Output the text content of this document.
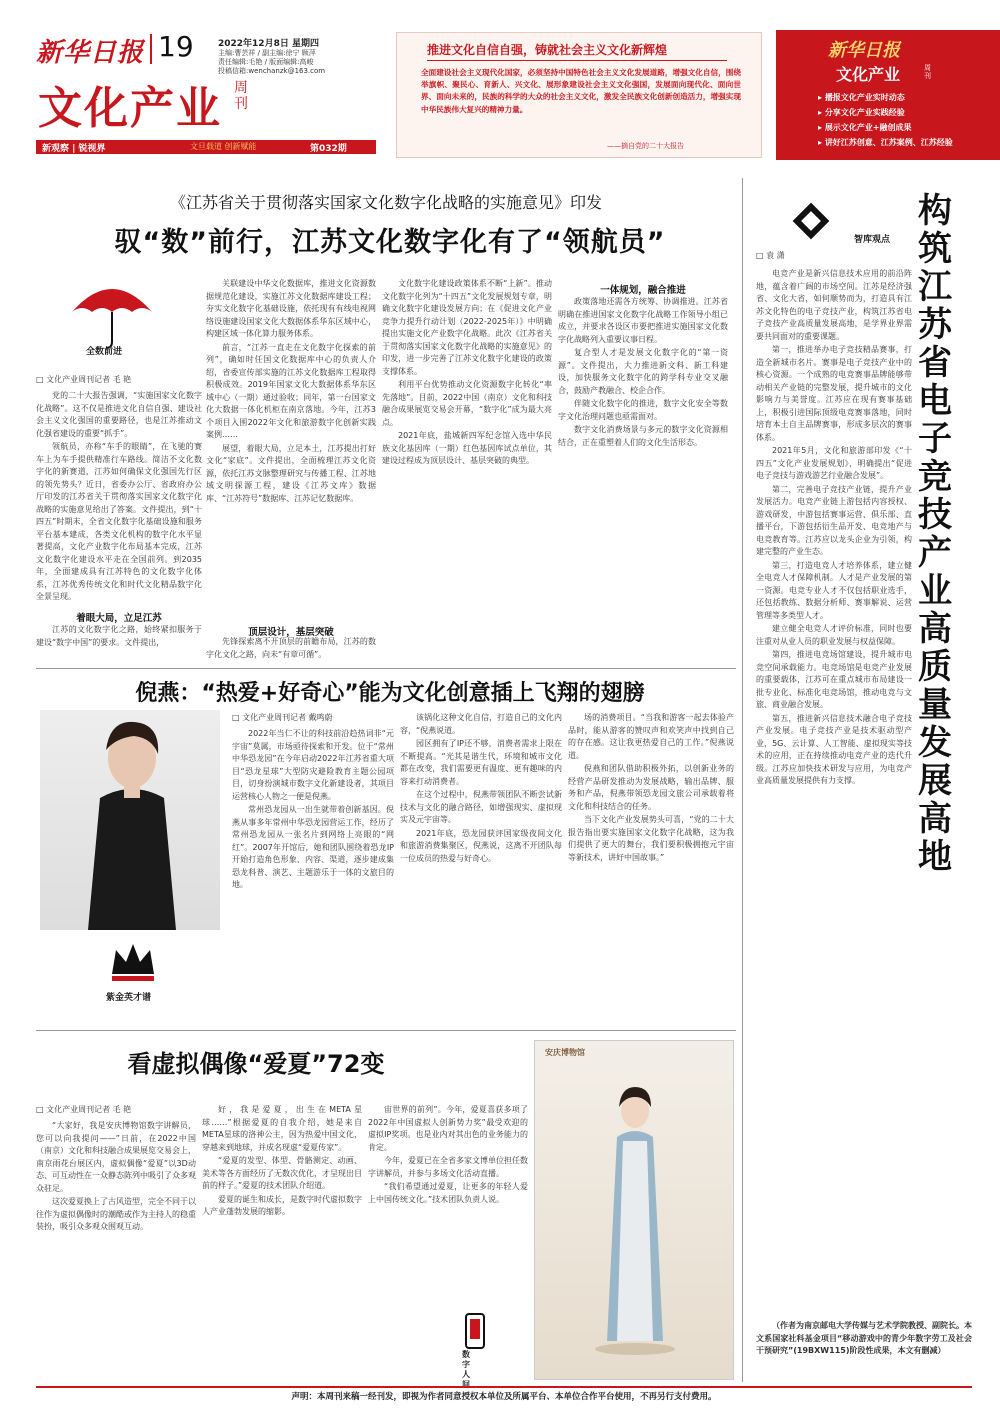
新华日报 19	2022年12月8日 星期四
主编:曹芸祥 / 副主编:徐宁 顾萍
责任编辑:毛艳 / 版面编辑:高峻
投稿信箱:wenchanzk@163.com
文化产业 周刊
新观察 | 锐视界	文旦载道 创新赋能	第032期
推进文化自信自强，铸就社会主义文化新辉煌
全面建设社会主义现代化国家，必须坚持中国特色社会主义文化发展道路，增强文化自信，围绕举旗帜、聚民心、育新人、兴文化、展形象建设社会主义文化强国，发展面向现代化、面向世界、面向未来的，民族的科学的大众的社会主义文化，激发全民族文化创新创造活力，增强实现中华民族伟大复兴的精神力量。
——摘自党的二十大报告
新华日报
文化产业	周刊
▸ 播报文化产业实时动态
▸ 分享文化产业实践经验
▸ 展示文化产业+融创成果
▸ 讲好江苏创意、江苏案例、江苏经验
《江苏省关于贯彻落实国家文化数字化战略的实施意见》印发
驭“数”前行，江苏文化数字化有了“领航员”
全数前进
□ 文化产业周刊记者 毛 艳

党的二十大报告强调，“实施国家文化数字化战略”。这不仅是推进文化自信自强、建设社会主义文化强国的重要路径，也是江苏推动文化强省建设的重要“抓手”。

领航员，亦称“车手的眼睛”，在飞驰的赛车上为车手提供精准行车路线。简洁不文化数字化的新赛道，江苏如何确保文化强国先行区的领先势头？近日，省委办公厅、省政府办公厅印发的江苏省关于贯彻落实国家文化数字化战略的实施意见给出了答案。文件提出，到“十四五”时期末，全省文化数字化基础设施和服务平台基本建成，各类文化机构的数字化水平显著提高，文化产业数字化布局基本完成，江苏文化数字化建设水平走在全国前列。到2035年，全面建成具有江苏特色的文化数字化体系，江苏优秀传统文化和时代文化精品数字化全景呈现。

着眼大局，立足江苏

江苏的文化数字化之路，始终紧扣服务于建设“数字中国”的要求。文件提出，

关联建设中华文化数据库，推进文化资源数据规范化建设，实施江苏文化数据库建设工程；夯实文化数字化基础设施，依托现有有线电视网络设施建设国家文化大数据体系华东区域中心，构建区域一体化算力服务体系。

前言，“江苏一直走在文化数字化探索的前列”，确如时任国文化数据库中心的负责人介绍，省委宣传部实施的江苏文化数据库工程取得积极成效。2019年国家文化大数据体系华东区域中心（一期）通过验收；同年，第一台国家文化大数据一体化机柜在南京落地。今年，江苏3个项目入围2022年文化和旅游数字化创新实践案例……

展望，着眼大局，立足本土，江苏提出打好文化“家底”。文件提出，全面梳理江苏文化资源，依托江苏文脉整理研究与传播工程、江苏地域文明探源工程，建设《江苏文库》数据库、“江苏符号”数据库、江苏记忆数据库。

顶层设计，基层突破

先锋探索离不开顶层的前瞻布局，江苏的数字化文化之路，向未“有章可循”。

文化数字化建设政策体系不断“上新”。推动文化数字化列为“十四五”文化发展规划专章，明确文化数字化建设发展方向；在《促进文化产业竞争力提升行动计划（2022-2025年）》中明确提出实施文化产业数字化战略。此次《江苏省关于贯彻落实国家文化数字化战略的实施意见》的印发，进一步完善了江苏文化数字化建设的政策支撑体系。

利用平台优势推动文化资源数字化转化“率先落地”。目前，2022中国（南京）文化和科技融合成果展览交易会开幕，“数字化”成为最大亮点。

2021年底，盐城新四军纪念馆入选中华民族文化基因库（一期）红色基因库试点单位，其建设过程成为顶层设计、基层突破的典型。

一体规划，融合推进

政策落地还需各方统筹、协调推进。江苏省明确在推进国家文化数字化战略工作领导小组已成立，并要求各设区市要把推进实施国家文化数字化战略列入重要议事日程。

复合型人才是发展文化数字化的“第一资源”。文件提出，大力推进新文科、新工科建设，加快服务文化数字化的跨学科专业交叉融合，鼓励产教融合、校企合作。

伴随文化数字化的推进，数字文化安全等数字文化治理问题也亟需面对。

数字文化消费场景与多元的数字文化资源相结合，正在重塑着人们的文化生活形态。

倪燕：“热爱+好奇心”能为文化创意插上飞翔的翅膀
紫金英才谱
□ 文化产业周刊记者 戴鸣蔚

2022年当仁不让的科技前沿趋热词非“元宇宙”莫属，市场亟待探索和开发。位于“常州中华恐龙园”在今年启动2022年江苏省重大项目“恐龙星球”大型防灾避险教育主题公园项目，切身扮演城市数字文化新建设者，其项目运营核心人物之一便是倪燕。

常州恐龙园从一出生就带着创新基因。倪燕从事多年常州中华恐龙园营运工作，经历了常州恐龙园从一张名片到网络上亮眼的“网红”。2007年开馆后，她和团队围绕着恐龙IP开始打造角色形象、内容、渠道，逐步建成集恐龙科普、演艺、主题游乐于一体的文旅目的地。

该锅化这种文化自信，打造自己的文化内容，“倪燕说道。

园区拥有了IP还不够，消费者需求上限在不断提高。“光其是谐生代，环境和城市文化都在改变，我们需要更有温度、更有趣味的内容来打动消费者。

在这个过程中，倪燕带领团队不断尝试新技术与文化的融合路径，如增强现实、虚拟现实及元宇宙等。

2021年底，恐龙园获评国家级夜间文化和旅游消费集聚区，倪燕说，这离不开团队每一位成员的热爱与好奇心。

场的消费项目。“当我和游客一起去体验产品时，能从游客的赞叹声和欢笑声中找到自己的存在感。这让我更热爱自己的工作。”倪燕说道。

倪燕和团队借助积极外拓，以创新业务的经营产品研发推动为发展战略，输出品牌、服务和产品，倪燕带领恐龙园文旅公司承载着将文化和科技结合的任务。

当下文化产业发展势头可喜，“党的二十大报告指出要实施国家文化数字化战略，这为我们提供了更大的舞台，我们要积极拥抱元宇宙等新技术，讲好中国故事。”

看虚拟偶像“爱夏”72变
□ 文化产业周刊记者 毛 艳

“大家好，我是安庆博物馆数字讲解员，您可以向我提问——”日前，在2022中国（南京）文化和科技融合成果展览交易会上，南京雨花台展区内，虚拟偶像“爱夏”以3D动态、可互动性在一众静态陈列中吸引了众多观众驻足。

这次爱夏换上了古风造型，完全不同于以往作为虚拟偶像时的潮酷或作为主持人的稳重装扮，吸引众多观众围观互动。

好，我是爱夏，出生在META星球……”根据爱夏的自我介绍，她是来自META星球的洛神公主，因为热爱中国文化，穿越来到地球，并成名现虚“爱夏传家”。

“爱夏的发型、体型、骨骼测定、动画、美术等各方面经历了无数次优化，才呈现出目前的样子。”爱夏的技术团队介绍道。

爱夏的诞生和成长，是数字时代虚拟数字人产业蓬勃发展的缩影。

宙世界的前列”。今年，爱夏喜获多项了2022年中国虚拟人创新势力奖”最受欢迎的虚拟IP奖项。也是业内对其出色的业务能力的肯定。

今年，爱夏已在全省多家文博单位担任数字讲解员，并参与多场文化活动直播。

“我们希望通过爱夏，让更多的年轻人爱上中国传统文化。”技术团队负责人说。

安庆博物馆
数字人间
智库观点
构筑江苏省电子竞技产业高质量发展高地
□ 袁 潇

电竞产业是新兴信息技术应用的前沿阵地，蕴含着广阔的市场空间。江苏是经济强省、文化大省，如何顺势而为，打造具有江苏文化特色的电子竞技产业，构筑江苏省电子竞技产业高质量发展高地，是学界业界需要共同面对的重要课题。

第一，推进举办电子竞技精品赛事，打造全新城市名片。赛事是电子竞技产业中的核心资源。一个成熟的电竞赛事品牌能够带动相关产业链的完整发展，提升城市的文化影响力与美誉度。江苏应在现有赛事基础上，积极引进国际顶级电竞赛事落地，同时培育本土自主品牌赛事，形成多层次的赛事体系。

2021年5月，文化和旅游部印发《“十四五”文化产业发展规划》，明确提出“促进电子竞技与游戏游艺行业融合发展”。

第二，完善电子竞技产业链，提升产业发展活力。电竞产业链上游包括内容授权、游戏研发，中游包括赛事运营、俱乐部、直播平台，下游包括衍生品开发、电竞地产与电竞教育等。江苏应以龙头企业为引领，构建完整的产业生态。

第三，打造电竞人才培养体系，建立健全电竞人才保障机制。人才是产业发展的第一资源。电竞专业人才不仅包括职业选手，还包括教练、数据分析师、赛事解说、运营管理等多类型人才。

建立健全电竞人才评价标准，同时也要注重对从业人员的职业发展与权益保障。

第四，推进电竞场馆建设，提升城市电竞空间承载能力。电竞场馆是电竞产业发展的重要载体，江苏可在重点城市布局建设一批专业化、标准化电竞场馆，推动电竞与文旅、商业融合发展。

第五，推进新兴信息技术融合电子竞技产业发展。电子竞技产业是技术驱动型产业，5G、云计算、人工智能、虚拟现实等技术的应用，正在持续推动电竞产业的迭代升级。江苏应加快技术研发与应用，为电竞产业高质量发展提供有力支撑。

（作者为南京邮电大学传媒与艺术学院教授、副院长。本文系国家社科基金项目“移动游戏中的青少年数字劳工及社会干预研究”(19BXW115)阶段性成果，本文有删减）

声明：本周刊来稿一经刊发，即视为作者同意授权本单位及所属平台、本单位合作平台使用，不再另行支付费用。
